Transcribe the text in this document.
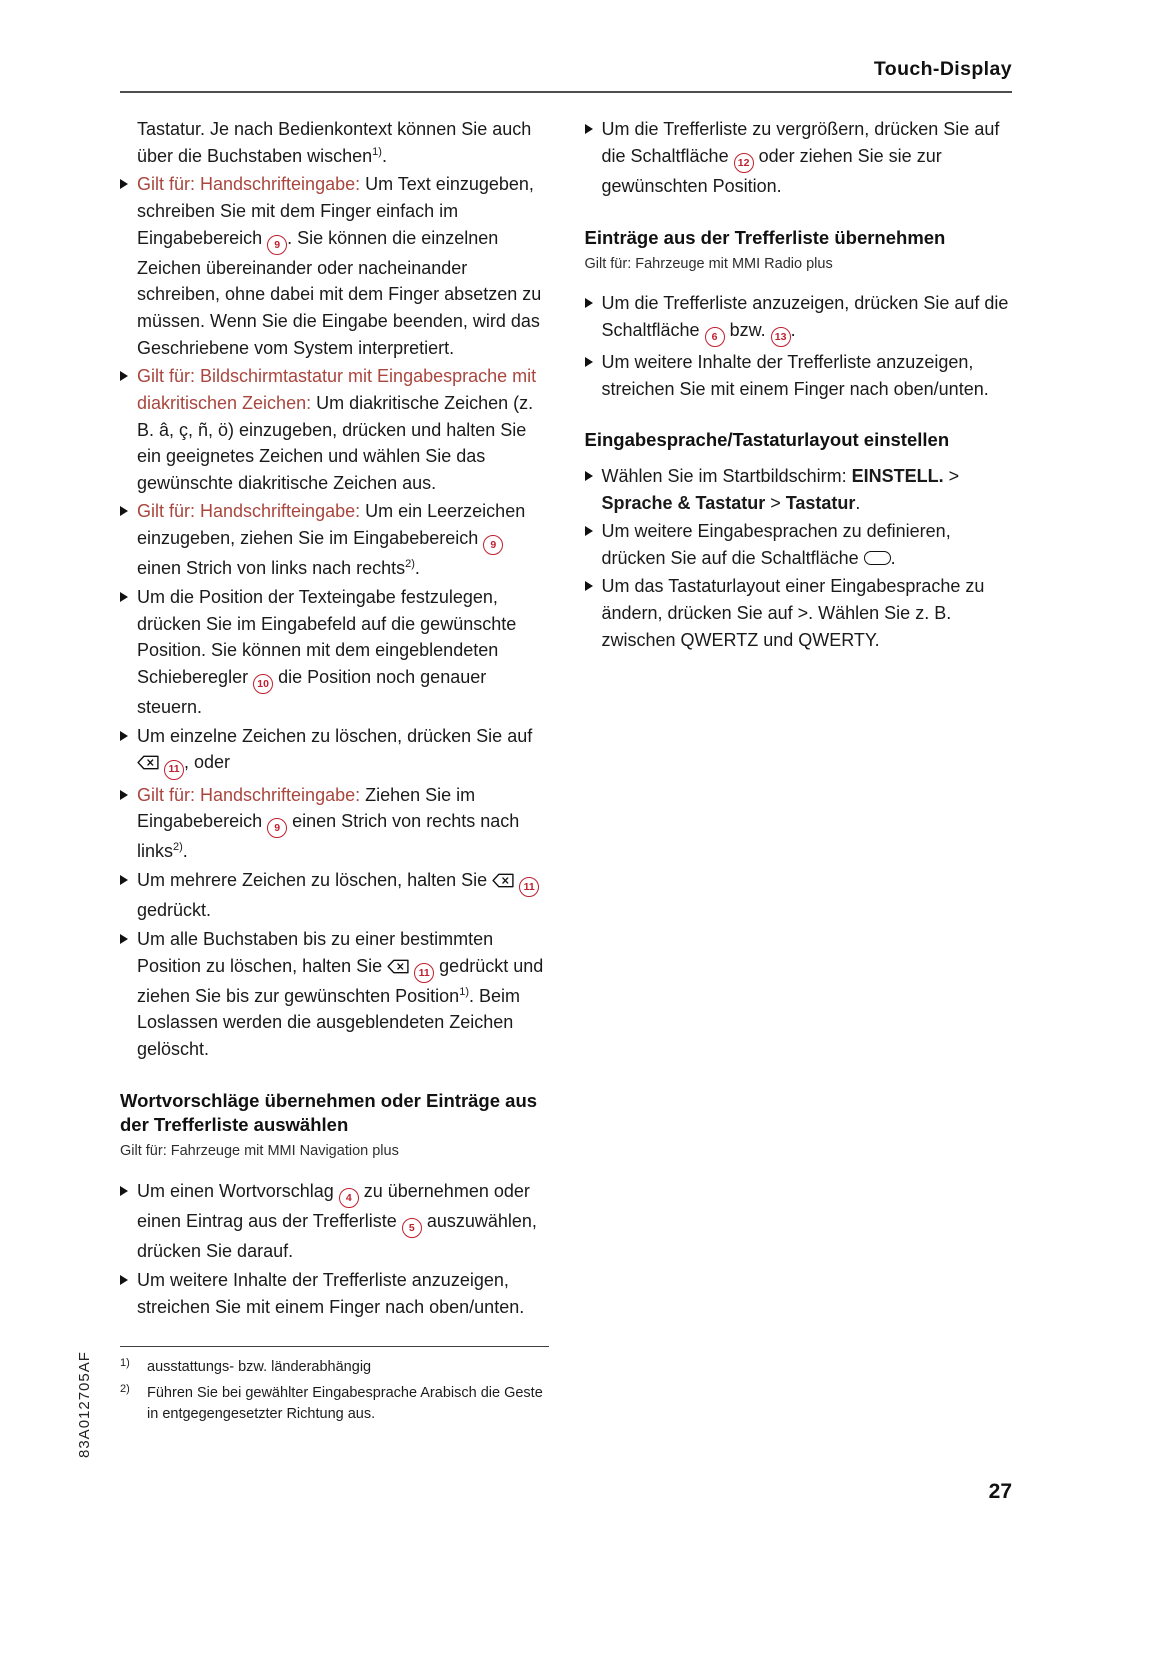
Touch-Display

Tastatur. Je nach Bedienkontext können Sie auch über die Buchstaben wischen$^{1)}$.

Gilt für: Handschrifteingabe: Um Text einzugeben, schreiben Sie mit dem Finger einfach im Eingabebereich 9 . Sie können die einzelnen Zeichen übereinander oder nacheinander schreiben, ohne dabei mit dem Finger absetzen zu müssen. Wenn Sie die Eingabe beenden, wird das Geschriebene vom System interpretiert.
Gilt für: Bildschirmtastatur mit Eingabesprache mit diakritischen Zeichen: Um diakritische Zeichen (z. B. â, ç, ñ, ö) einzugeben, drücken und halten Sie ein geeignetes Zeichen und wählen Sie das gewünschte diakritische Zeichen aus.
Gilt für: Handschrifteingabe: Um ein Leerzeichen einzugeben, ziehen Sie im Eingabebereich 9 einen Strich von links nach rechts$^{2)}$.
Um die Position der Texteingabe festzulegen, drücken Sie im Eingabefeld auf die gewünschte Position. Sie können mit dem eingeblendeten Schieberegler 10 die Position noch genauer steuern.
Um einzelne Zeichen zu löschen, drücken Sie auf  11 , oder
Gilt für: Handschrifteingabe: Ziehen Sie im Eingabebereich 9 einen Strich von rechts nach links$^{2)}$.
Um mehrere Zeichen zu löschen, halten Sie	11 gedrückt.
Um alle Buchstaben bis zu einer bestimmten Position zu löschen, halten Sie	11 gedrückt und ziehen Sie bis zur gewünschten Position$^{1)}$. Beim Loslassen werden die ausgeblendeten Zeichen gelöscht.
Wortvorschläge übernehmen oder Einträge aus der Trefferliste auswählen
Gilt für: Fahrzeuge mit MMI Navigation plus
Um einen Wortvorschlag 4 zu übernehmen oder einen Eintrag aus der Trefferliste 5 auszuwählen, drücken Sie darauf.
Um weitere Inhalte der Trefferliste anzuzeigen, streichen Sie mit einem Finger nach oben/unten.
Um die Trefferliste zu vergrößern, drücken Sie auf die Schaltfläche 12 oder ziehen Sie sie zur gewünschten Position.
Einträge aus der Trefferliste übernehmen
Gilt für: Fahrzeuge mit MMI Radio plus
Um die Trefferliste anzuzeigen, drücken Sie auf die Schaltfläche 6 bzw. 13 .
Um weitere Inhalte der Trefferliste anzuzeigen, streichen Sie mit einem Finger nach oben/unten.
Eingabesprache/Tastaturlayout einstellen
Wählen Sie im Startbildschirm: EINSTELL. > Sprache & Tastatur > Tastatur.
Um weitere Eingabesprachen zu definieren, drücken Sie auf die Schaltfläche .
Um das Tastaturlayout einer Eingabesprache zu ändern, drücken Sie auf >. Wählen Sie z. B. zwischen QWERTZ und QWERTY.
1) ausstattungs- bzw. länderabhängig
2) Führen Sie bei gewählter Eingabesprache Arabisch die Geste in entgegengesetzter Richtung aus.
83A012705AF
27
